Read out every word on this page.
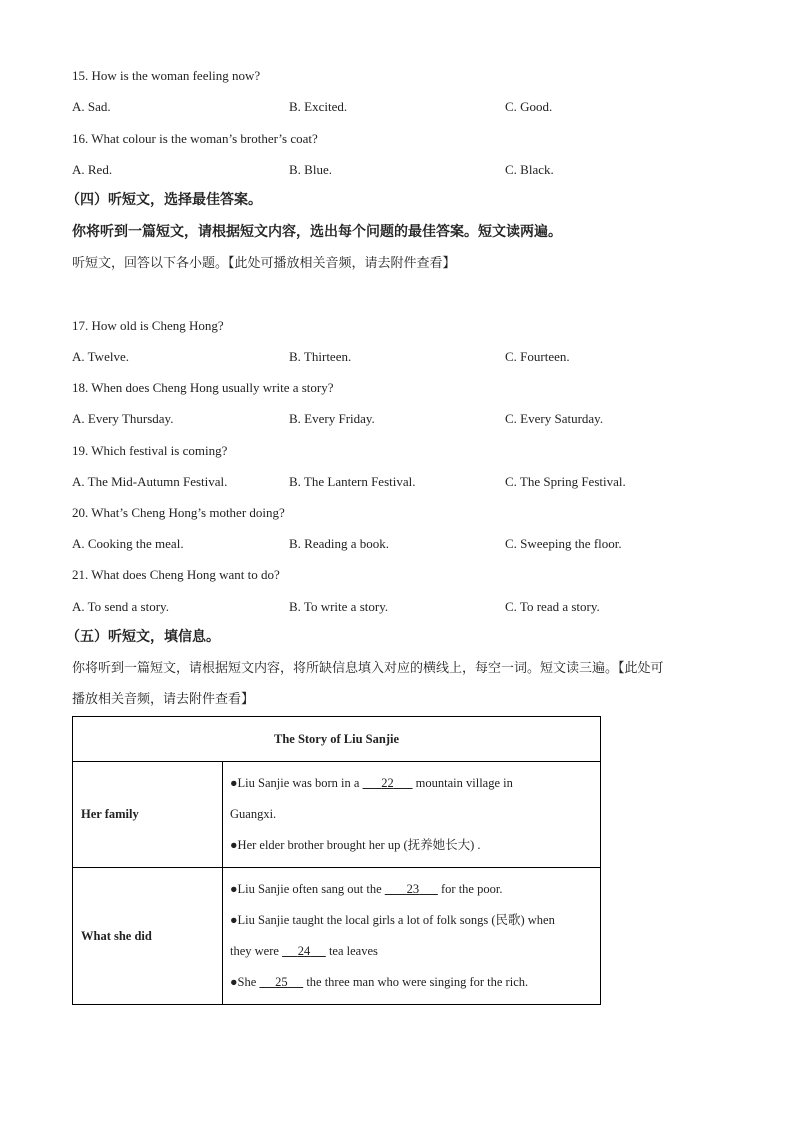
15. How is the woman feeling now?
A. Sad.	B. Excited.	C. Good.
16. What colour is the woman’s brother’s coat?
A. Red.	B. Blue.	C. Black.
（四）听短文，选择最佳答案。
你将听到一篇短文，请根据短文内容，选出每个问题的最佳答案。短文读两遍。
听短文，回答以下各小题。【此处可播放相关音频，请去附件查看】
17. How old is Cheng Hong?
A. Twelve.	B. Thirteen.	C. Fourteen.
18. When does Cheng Hong usually write a story?
A. Every Thursday.	B. Every Friday.	C. Every Saturday.
19. Which festival is coming?
A. The Mid-Autumn Festival.	B. The Lantern Festival.	C. The Spring Festival.
20. What’s Cheng Hong’s mother doing?
A. Cooking the meal.	B. Reading a book.	C. Sweeping the floor.
21. What does Cheng Hong want to do?
A. To send a story.	B. To write a story.	C. To read a story.
（五）听短文，填信息。
你将听到一篇短文，请根据短文内容，将所缺信息填入对应的横线上，每空一词。短文读三遍。【此处可
播放相关音频，请去附件查看】
The Story of Liu Sanjie	
Her family	●Liu Sanjie was born in a       22       mountain village in
Guangxi.
●Her elder brother brought her up (抚养她长大) .

What she did	●Liu Sanjie often sang out the        23       for the poor.
●Liu Sanjie taught the local girls a lot of folk songs (民歌) when
they were      24      tea leaves
●She      25      the three man who were singing for the rich.
